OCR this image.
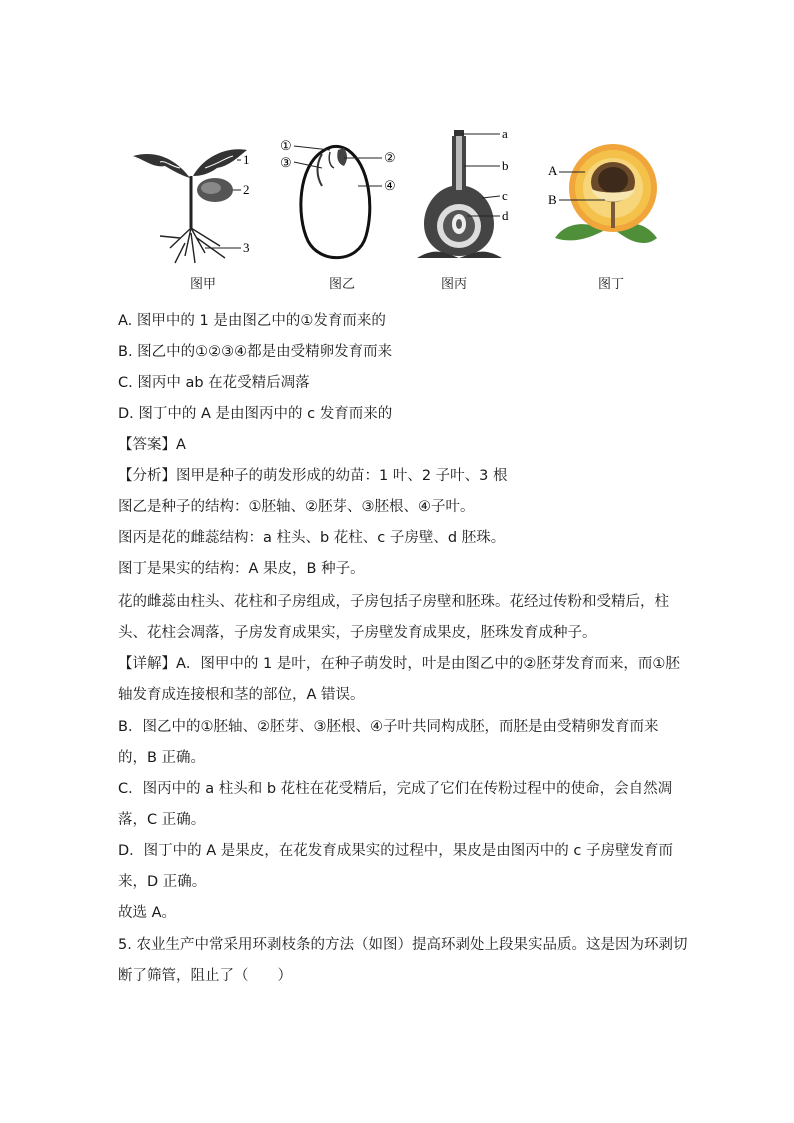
1
2
3
图甲
①
③	②
④
图乙
a
b
c
d
图丙
A
B
图丁
A. 图甲中的 1 是由图乙中的①发育而来的
B. 图乙中的①②③④都是由受精卵发育而来
C. 图丙中 ab 在花受精后凋落
D. 图丁中的 A 是由图丙中的 c 发育而来的
【答案】A
【分析】图甲是种子的萌发形成的幼苗：1 叶、2 子叶、3 根
图乙是种子的结构：①胚轴、②胚芽、③胚根、④子叶。
图丙是花的雌蕊结构：a 柱头、b 花柱、c 子房壁、d 胚珠。
图丁是果实的结构：A 果皮，B 种子。
花的雌蕊由柱头、花柱和子房组成，子房包括子房壁和胚珠。花经过传粉和受精后，柱
头、花柱会凋落，子房发育成果实，子房壁发育成果皮，胚珠发育成种子。
【详解】A．图甲中的 1 是叶，在种子萌发时，叶是由图乙中的②胚芽发育而来，而①胚
轴发育成连接根和茎的部位，A 错误。
B．图乙中的①胚轴、②胚芽、③胚根、④子叶共同构成胚，而胚是由受精卵发育而来
的，B 正确。
C．图丙中的 a 柱头和 b 花柱在花受精后，完成了它们在传粉过程中的使命，会自然凋
落，C 正确。
D．图丁中的 A 是果皮，在花发育成果实的过程中，果皮是由图丙中的 c 子房壁发育而
来，D 正确。
故选 A。
5. 农业生产中常采用环剥枝条的方法（如图）提高环剥处上段果实品质。这是因为环剥切
断了筛管，阻止了（　　）
